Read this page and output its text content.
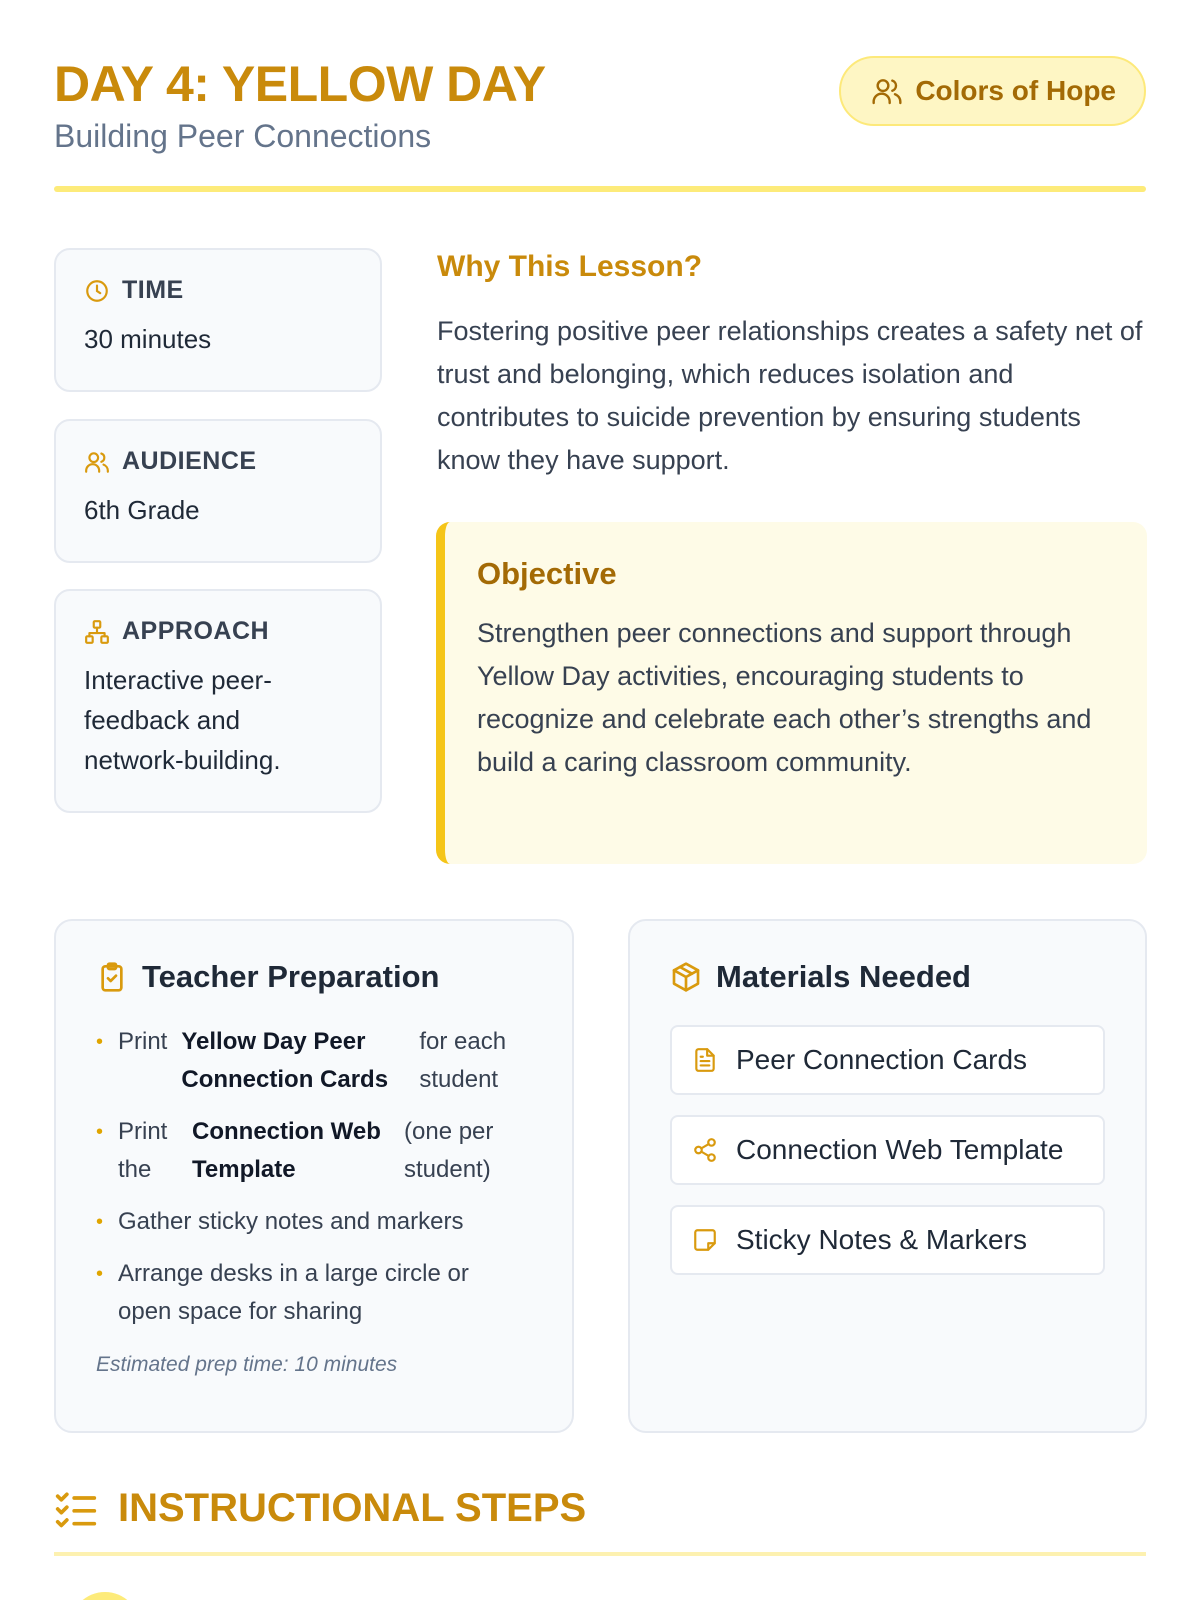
DAY 4: YELLOW DAY
Building Peer Connections
Colors of Hope
TIME
30 minutes
AUDIENCE
6th Grade
APPROACH
Interactive peer-feedback and network-building.
Why This Lesson?
Fostering positive peer relationships creates a safety net of trust and belonging, which reduces isolation and contributes to suicide prevention by ensuring students know they have support.
Objective
Strengthen peer connections and support through Yellow Day activities, encouraging students to recognize and celebrate each other’s strengths and build a caring classroom community.
Teacher Preparation
• Print Yellow Day Peer Connection Cards
for each student
• Print the
Connection Web Template
(one per student)
• Gather sticky notes and markers
• Arrange desks in a large circle or open space for sharing
Estimated prep time: 10 minutes
Materials Needed
Peer Connection Cards
Connection Web Template
Sticky Notes & Markers
INSTRUCTIONAL STEPS
